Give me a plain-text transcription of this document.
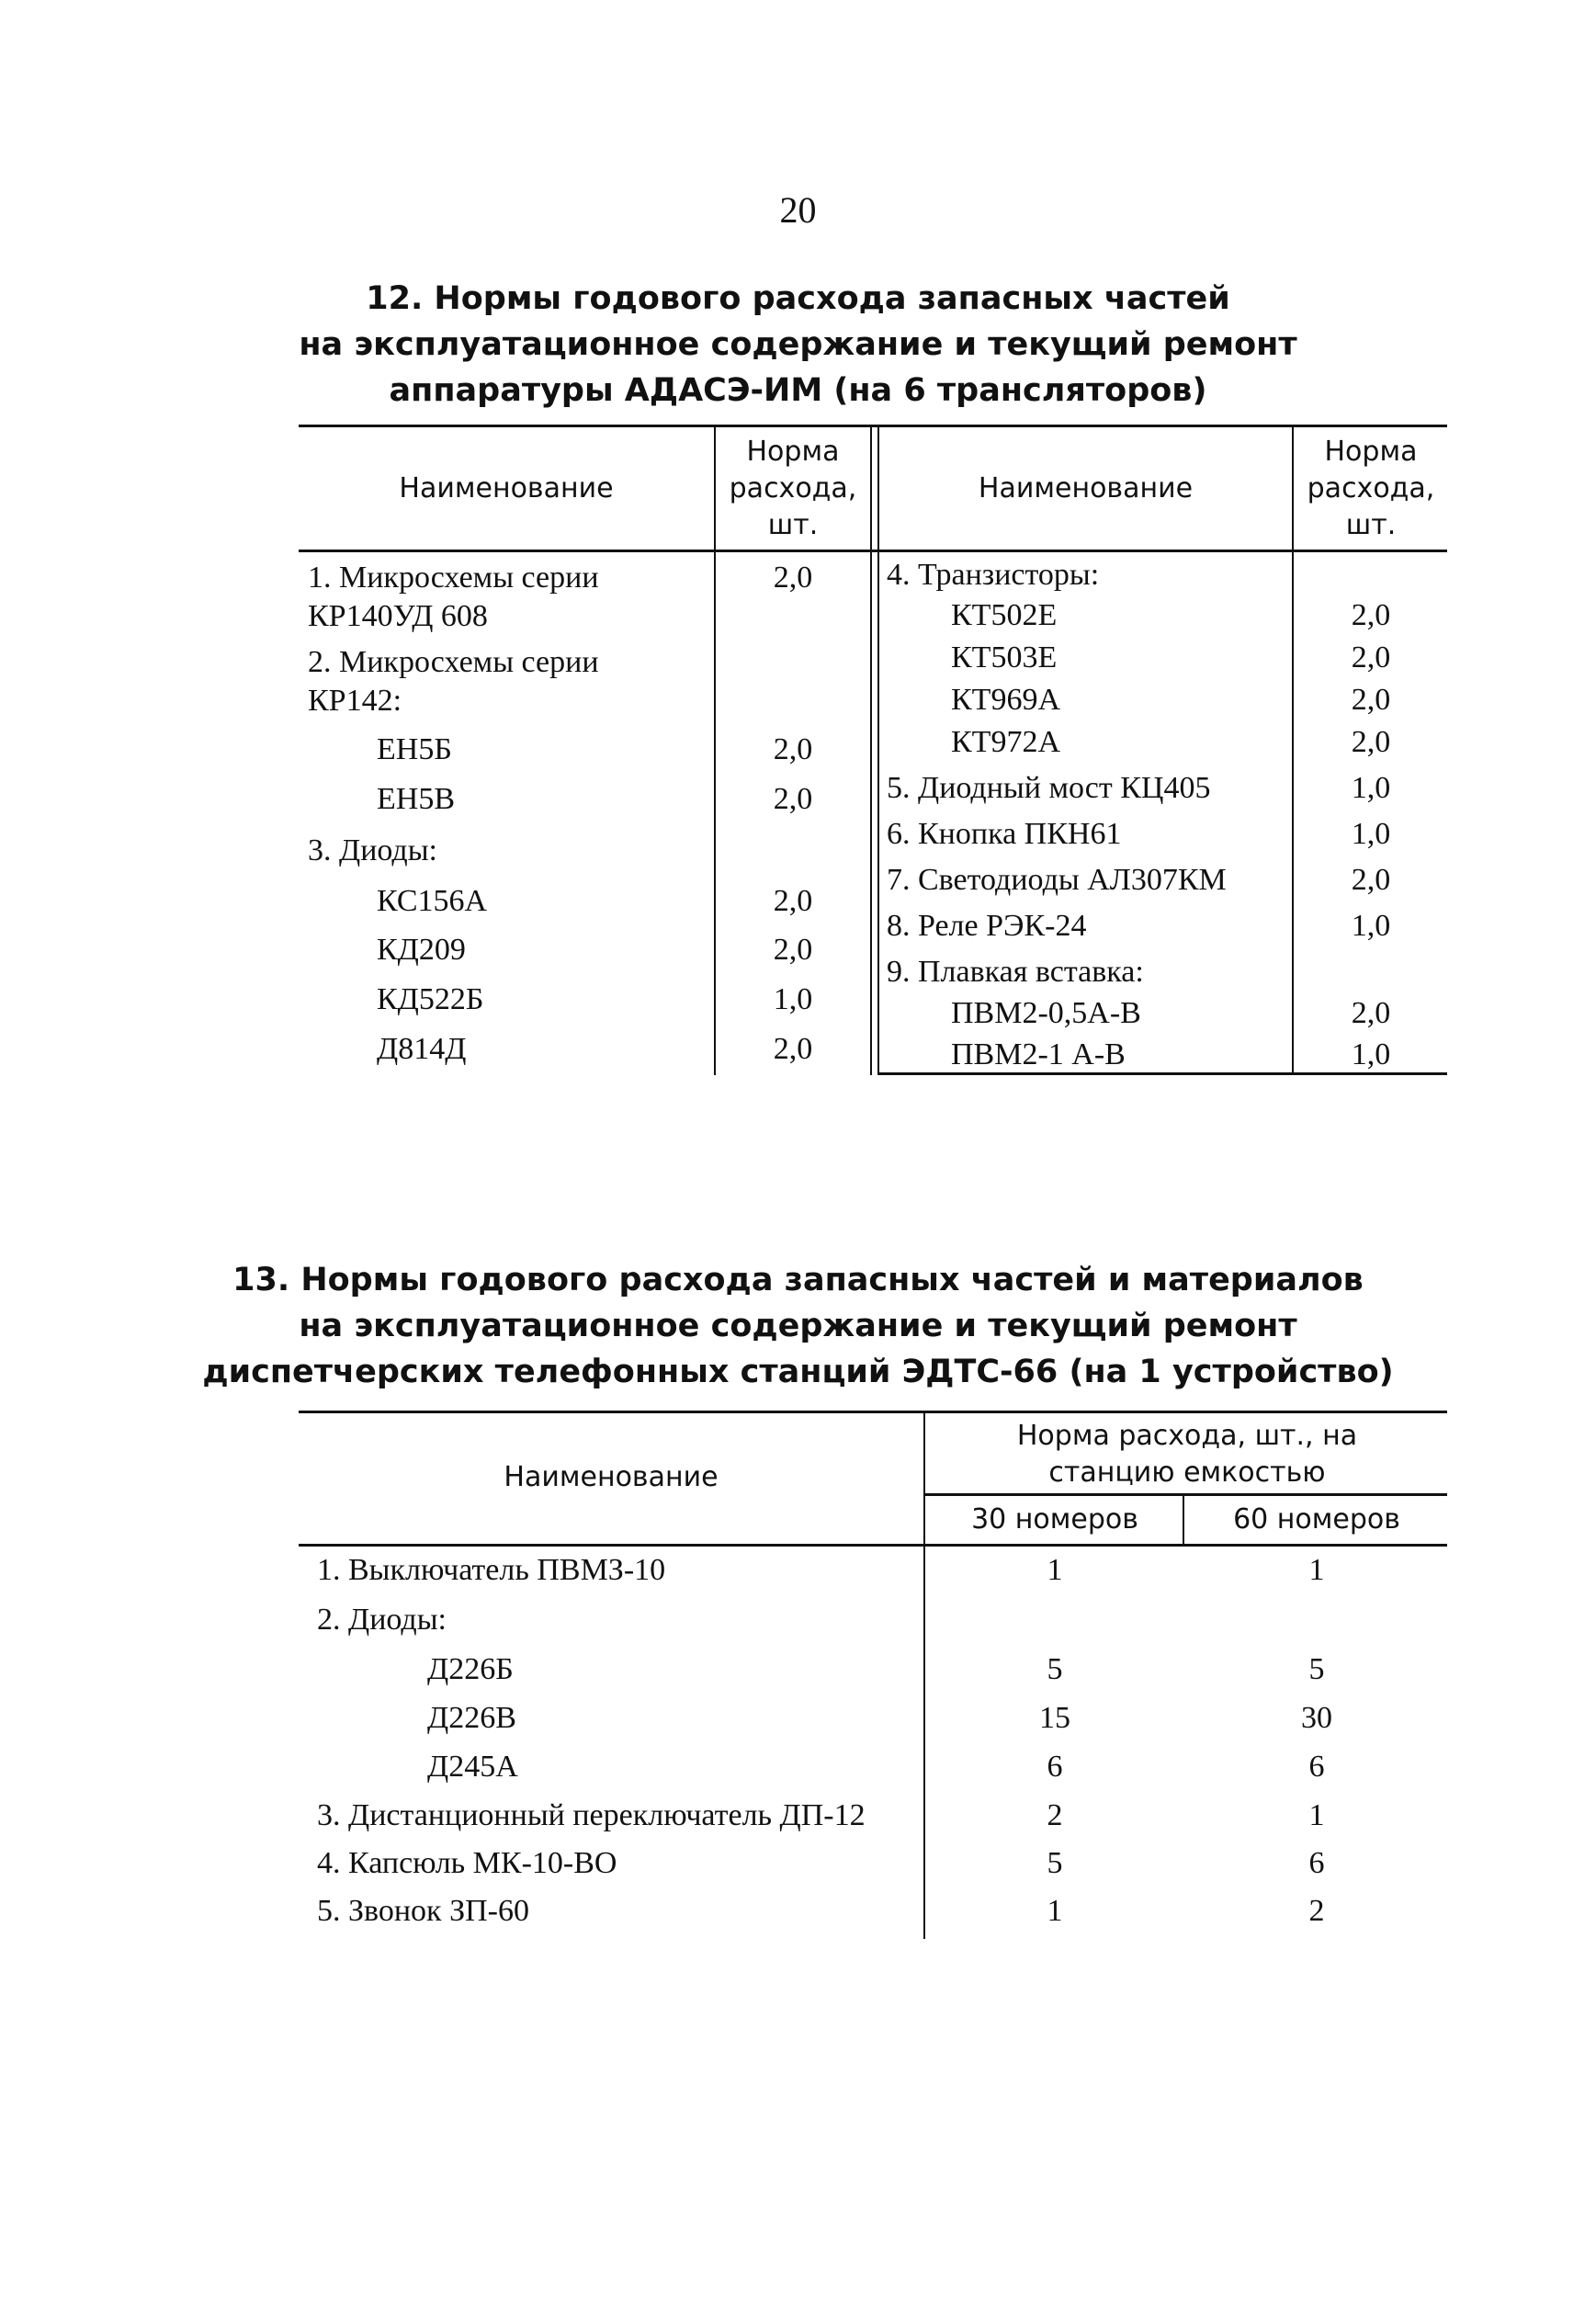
20
12. Нормы годового расхода запасных частей
на эксплуатационное содержание и текущий ремонт
аппаратуры АДАСЭ-ИМ (на 6 трансляторов)
Наименование
Норма расхода, шт.
Наименование
Норма расхода, шт.
1. Микросхемы серии	2,0
КР140УД 608
2. Микросхемы серии
КР142:
ЕН5Б	2,0
ЕН5В	2,0
3. Диоды:
КС156А	2,0
КД209	2,0
КД522Б	1,0
Д814Д	2,0
4. Транзисторы:
КТ502Е	2,0
КТ503Е	2,0
КТ969А	2,0
КТ972А	2,0
5. Диодный мост КЦ405	1,0
6. Кнопка ПКН61	1,0
7. Светодиоды АЛ307КМ	2,0
8. Реле РЭК-24	1,0
9. Плавкая вставка:
ПВМ2-0,5А-В	2,0
ПВМ2-1 А-В	1,0
13. Нормы годового расхода запасных частей и материалов
на эксплуатационное содержание и текущий ремонт
диспетчерских телефонных станций ЭДТС-66 (на 1 устройство)
Наименование
Норма расхода, шт., на станцию емкостью
30 номеров	60 номеров
1. Выключатель ПВМЗ-10	1	1
2. Диоды:
Д226Б	5	5
Д226В	15	30
Д245А	6	6
3. Дистанционный переключатель ДП-12	2	1
4. Капсюль МК-10-ВО	5	6
5. Звонок ЗП-60	1	2
